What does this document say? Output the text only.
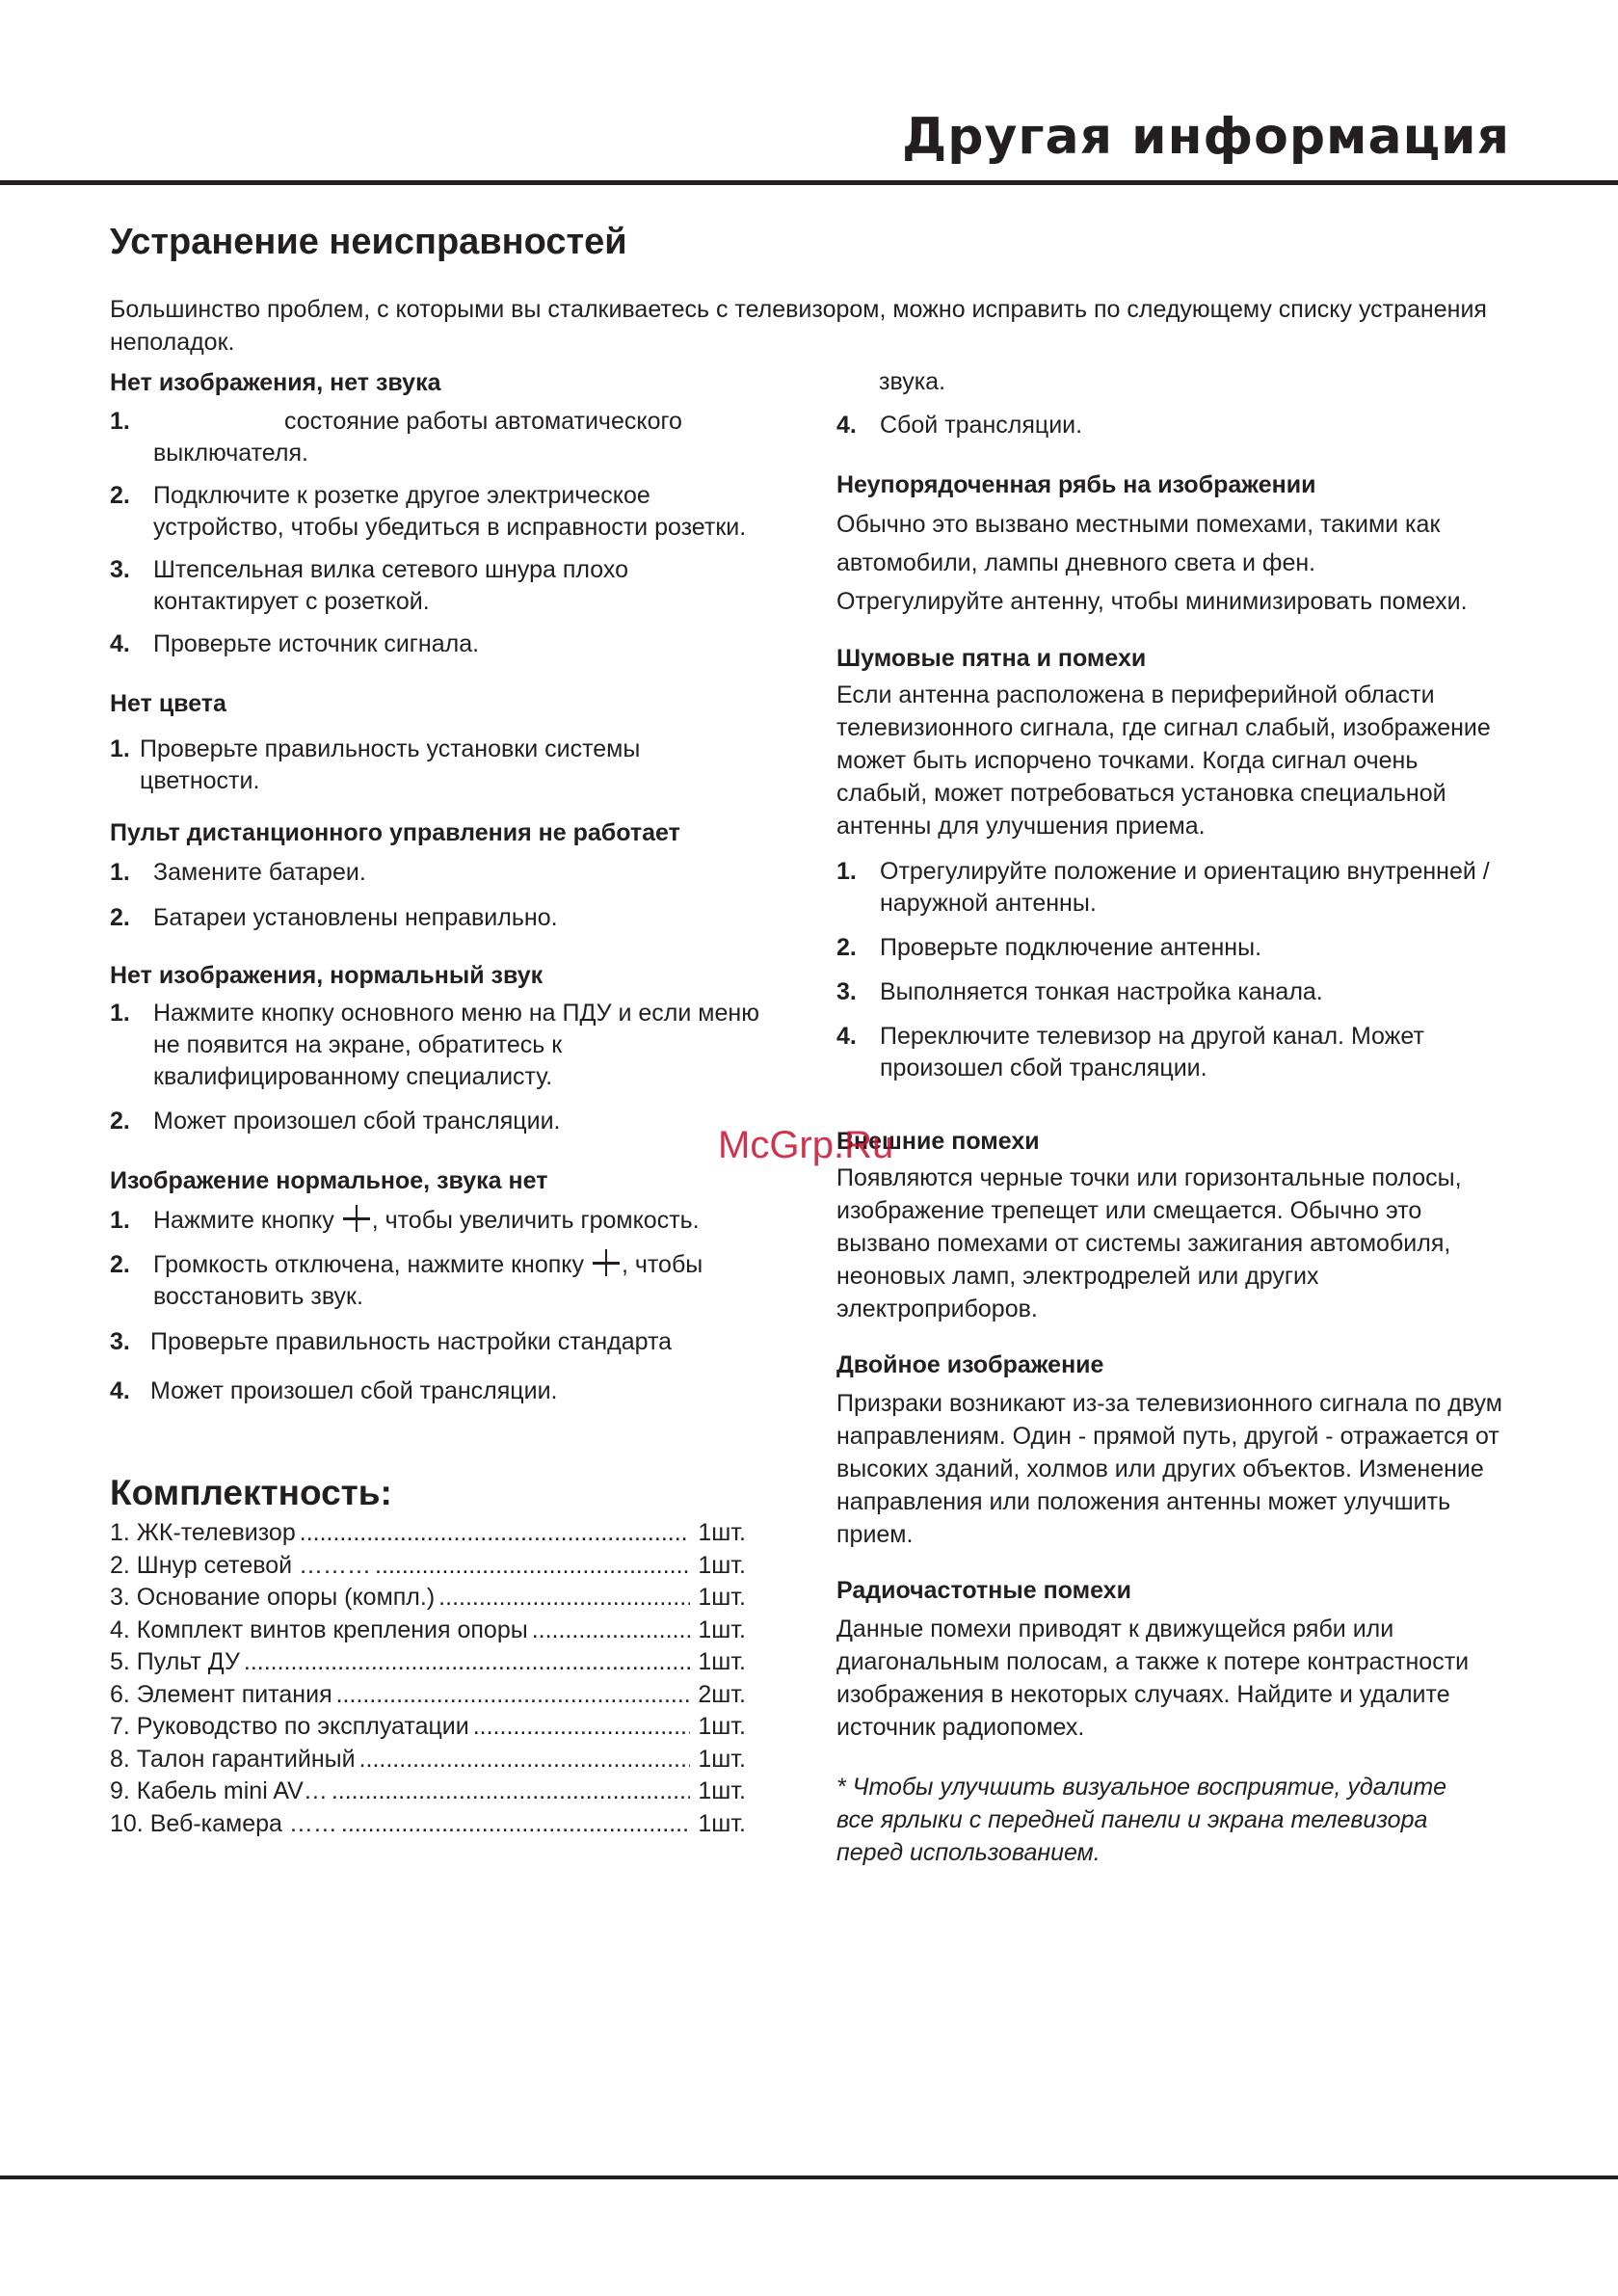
Другая информация
Устранение неисправностей
Большинство проблем, с которыми вы сталкиваетесь с телевизором, можно исправить по следующему списку устранения неполадок.
Нет изображения, нет звука
1.	состояние работы автоматического выключателя.
2. Подключите к розетке другое электрическое устройство, чтобы убедиться в исправности розетки.
3. Штепсельная вилка сетевого шнура плохо контактирует с розеткой.
4. Проверьте источник сигнала.
Нет цвета
1. Проверьте правильность установки системы цветности.
Пульт дистанционного управления не работает
1. Замените батареи.
2. Батареи установлены неправильно.
Нет изображения, нормальный звук
1. Нажмите кнопку основного меню на ПДУ и если меню не появится на экране, обратитесь к квалифицированному специалисту.
2. Может произошел сбой трансляции.
Изображение нормальное, звука нет
1. Нажмите кнопку , чтобы увеличить громкость.
2. Громкость отключена, нажмите кнопку , чтобы восстановить звук.
3. Проверьте правильность настройки стандарта
4. Может произошел сбой трансляции.
Комплектность:
1. ЖК-телевизор .....	1шт.
2. Шнур сетевой ……… .....	1шт.
3. Основание опоры (компл.) .....	1шт.
4. Комплект винтов крепления опоры .....	1шт.
5. Пульт ДУ .....	1шт.
6. Элемент питания .....	2шт.
7. Руководство по эксплуатации .....	1шт.
8. Талон гарантийный .....	1шт.
9. Кабель mini AV… .....	1шт.
10. Веб-камера …… .....	1шт.
звука.
4. Сбой трансляции.
Неупорядоченная рябь на изображении

Обычно это вызвано местными помехами, такими как автомобили, лампы дневного света и фен. Отрегулируйте антенну, чтобы минимизировать помехи.

Шумовые пятна и помехи

Если антенна расположена в периферийной области телевизионного сигнала, где сигнал слабый, изображение может быть испорчено точками. Когда сигнал очень слабый, может потребоваться установка специальной антенны для улучшения приема.

1. Отрегулируйте положение и ориентацию внутренней / наружной антенны.
2. Проверьте подключение антенны.
3. Выполняется тонкая настройка канала.
4. Переключите телевизор на другой канал. Может произошел сбой трансляции.
Внешние помехи

Появляются черные точки или горизонтальные полосы, изображение трепещет или смещается. Обычно это вызвано помехами от системы зажигания автомобиля, неоновых ламп, электродрелей или других электроприборов.

Двойное изображение

Призраки возникают из-за телевизионного сигнала по двум направлениям. Один - прямой путь, другой - отражается от высоких зданий, холмов или других объектов. Изменение направления или положения антенны может улучшить прием.

Радиочастотные помехи

Данные помехи приводят к движущейся ряби или диагональным полосам, а также к потере контрастности изображения в некоторых случаях. Найдите и удалите источник радиопомех.

* Чтобы улучшить визуальное восприятие, удалите все ярлыки с передней панели и экрана телевизора перед использованием.

McGrp.Ru
